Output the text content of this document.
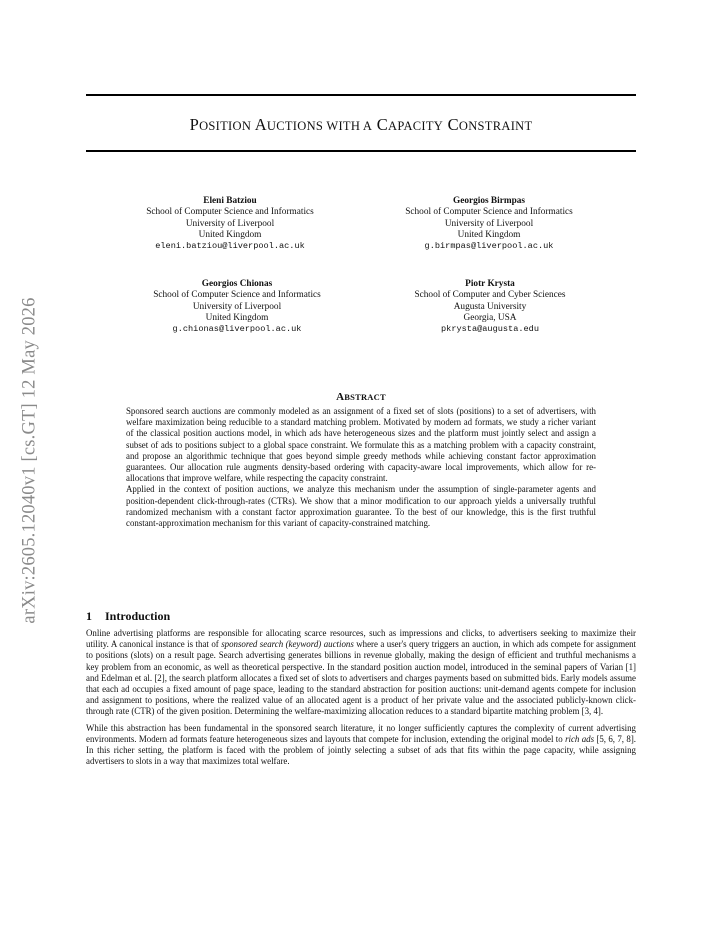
arXiv:2605.12040v1 [cs.GT] 12 May 2026
POSITION AUCTIONS WITH A CAPACITY CONSTRAINT
Eleni Batziou
School of Computer Science and Informatics
University of Liverpool
United Kingdom
eleni.batziou@liverpool.ac.uk
Georgios Birmpas
School of Computer Science and Informatics
University of Liverpool
United Kingdom
g.birmpas@liverpool.ac.uk
Georgios Chionas
School of Computer Science and Informatics
University of Liverpool
United Kingdom
g.chionas@liverpool.ac.uk
Piotr Krysta
School of Computer and Cyber Sciences
Augusta University
Georgia, USA
pkrysta@augusta.edu
ABSTRACT

Sponsored search auctions are commonly modeled as an assignment of a fixed set of slots (positions) to a set of advertisers, with welfare maximization being reducible to a standard matching problem. Motivated by modern ad formats, we study a richer variant of the classical position auctions model, in which ads have heterogeneous sizes and the platform must jointly select and assign a subset of ads to positions subject to a global space constraint. We formulate this as a matching problem with a capacity constraint, and propose an algorithmic technique that goes beyond simple greedy methods while achieving constant factor approximation guarantees. Our allocation rule augments density-based ordering with capacity-aware local improvements, which allow for re-allocations that improve welfare, while respecting the capacity constraint.

Applied in the context of position auctions, we analyze this mechanism under the assumption of single-parameter agents and position-dependent click-through-rates (CTRs). We show that a minor modification to our approach yields a universally truthful randomized mechanism with a constant factor approximation guarantee. To the best of our knowledge, this is the first truthful constant-approximation mechanism for this variant of capacity-constrained matching.

1 Introduction

Online advertising platforms are responsible for allocating scarce resources, such as impressions and clicks, to advertisers seeking to maximize their utility. A canonical instance is that of sponsored search (keyword) auctions where a user's query triggers an auction, in which ads compete for assignment to positions (slots) on a result page. Search advertising generates billions in revenue globally, making the design of efficient and truthful mechanisms a key problem from an economic, as well as theoretical perspective. In the standard position auction model, introduced in the seminal papers of Varian [1] and Edelman et al. [2], the search platform allocates a fixed set of slots to advertisers and charges payments based on submitted bids. Early models assume that each ad occupies a fixed amount of page space, leading to the standard abstraction for position auctions: unit-demand agents compete for inclusion and assignment to positions, where the realized value of an allocated agent is a product of her private value and the associated publicly-known click-through rate (CTR) of the given position. Determining the welfare-maximizing allocation reduces to a standard bipartite matching problem [3, 4].

While this abstraction has been fundamental in the sponsored search literature, it no longer sufficiently captures the complexity of current advertising environments. Modern ad formats feature heterogeneous sizes and layouts that compete for inclusion, extending the original model to rich ads [5, 6, 7, 8]. In this richer setting, the platform is faced with the problem of jointly selecting a subset of ads that fits within the page capacity, while assigning advertisers to slots in a way that maximizes total welfare.
